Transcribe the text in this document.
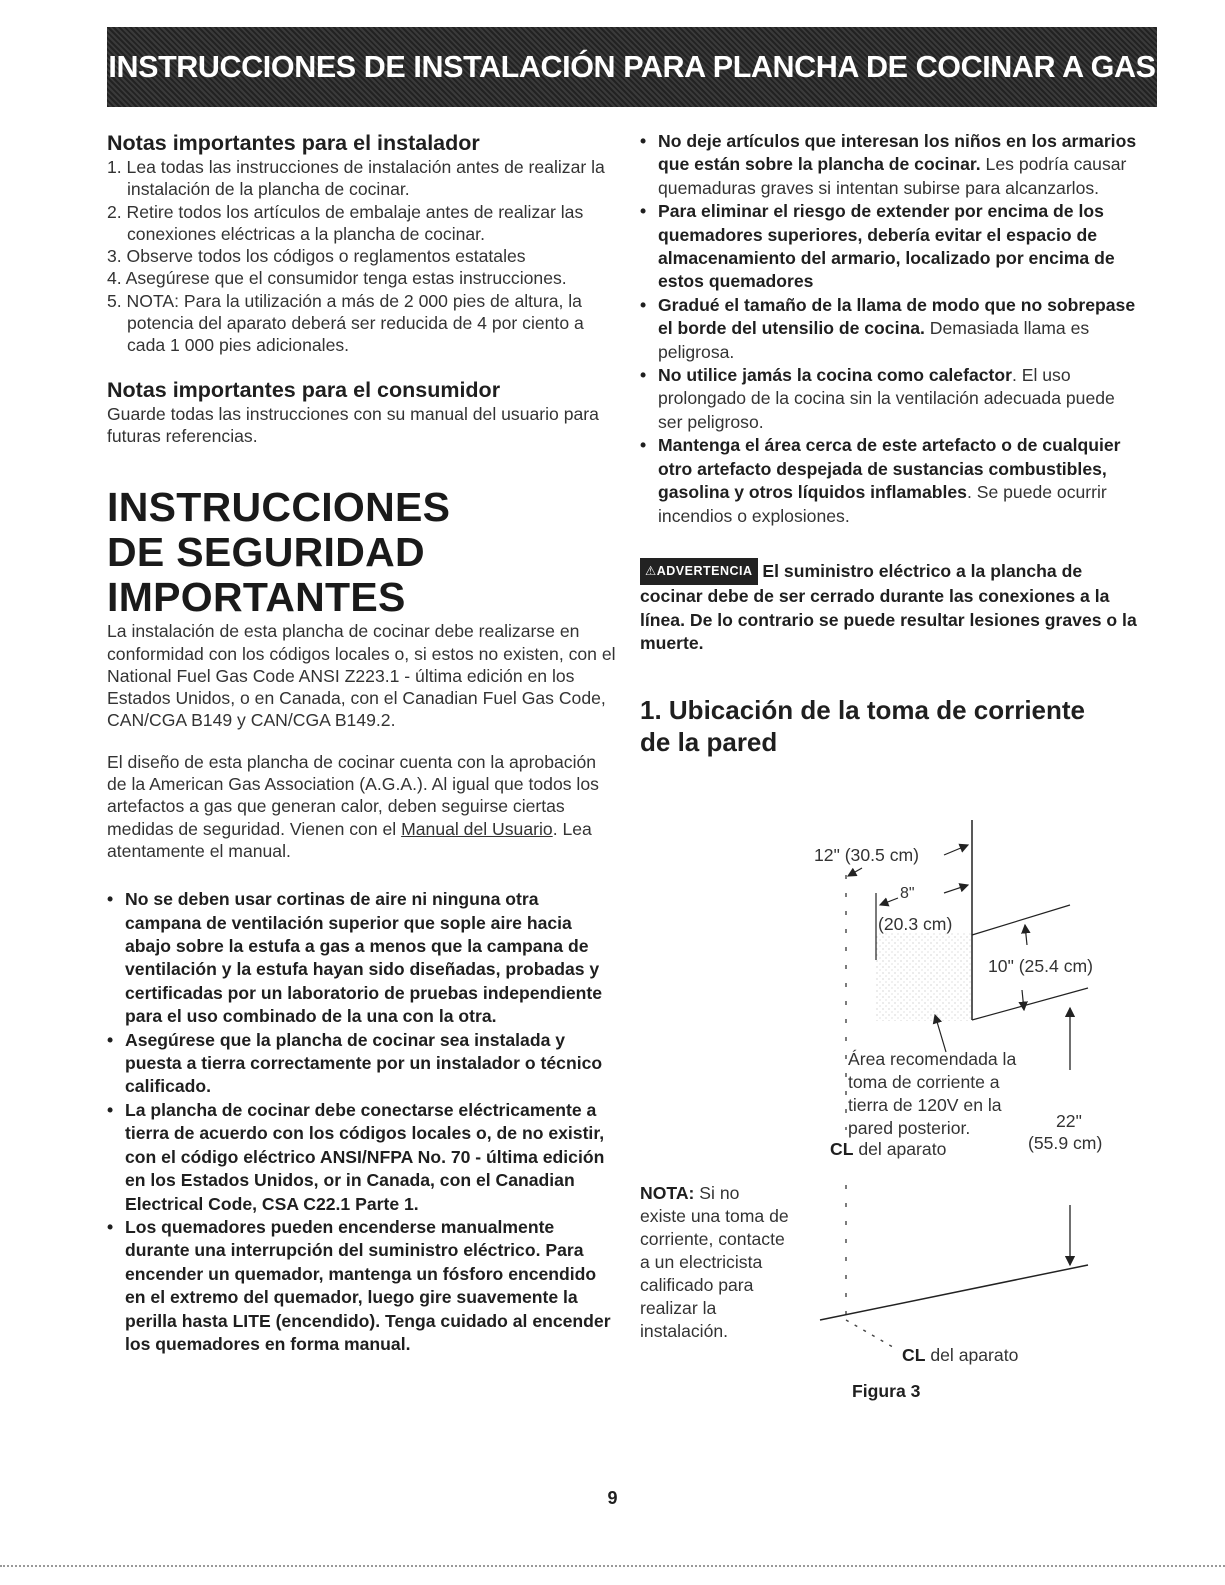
INSTRUCCIONES DE INSTALACIÓN PARA PLANCHA DE COCINAR A GAS
Notas importantes para el instalador
1. Lea todas las instrucciones de instalación antes de realizar la instalación de la plancha de cocinar.
2. Retire todos los artículos de embalaje antes de realizar las conexiones eléctricas a la plancha de cocinar.
3. Observe todos los códigos o reglamentos estatales
4. Asegúrese que el consumidor tenga estas instrucciones.
5. NOTA: Para la utilización a más de 2 000 pies de altura, la potencia del aparato deberá ser reducida de 4 por ciento a cada 1 000 pies adicionales.
Notas importantes para el consumidor

Guarde todas las instrucciones con su manual del usuario para futuras referencias.

INSTRUCCIONES
DE SEGURIDAD
IMPORTANTES

La instalación de esta plancha de cocinar debe realizarse en conformidad con los códigos locales o, si estos no existen, con el National Fuel Gas Code ANSI Z223.1 - última edición en los Estados Unidos, o en Canada, con el Canadian Fuel Gas Code, CAN/CGA B149 y CAN/CGA B149.2.

El diseño de esta plancha de cocinar cuenta con la aprobación de la American Gas Association (A.G.A.). Al igual que todos los artefactos a gas que generan calor, deben seguirse ciertas medidas de seguridad. Vienen con el Manual del Usuario. Lea atentamente el manual.

• No se deben usar cortinas de aire ni ninguna otra campana de ventilación superior que sople aire hacia abajo sobre la estufa a gas a menos que la campana de ventilación y la estufa hayan sido diseñadas, probadas y certificadas por un laboratorio de pruebas independiente para el uso combinado de la una con la otra.
• Asegúrese que la plancha de cocinar sea instalada y puesta a tierra correctamente por un instalador o técnico calificado.
• La plancha de cocinar debe conectarse eléctricamente a tierra de acuerdo con los códigos locales o, de no existir, con el código eléctrico ANSI/NFPA No. 70 - última edición en los Estados Unidos, or in Canada, con el Canadian Electrical Code, CSA C22.1 Parte 1.
• Los quemadores pueden encenderse manualmente durante una interrupción del suministro eléctrico. Para encender un quemador, mantenga un fósforo encendido en el extremo del quemador, luego gire suavemente la perilla hasta LITE (encendido). Tenga cuidado al encender los quemadores en forma manual.
• No deje artículos que interesan los niños en los armarios que están sobre la plancha de cocinar. Les podría causar quemaduras graves si intentan subirse para alcanzarlos.
• Para eliminar el riesgo de extender por encima de los quemadores superiores, debería evitar el espacio de almacenamiento del armario, localizado por encima de estos quemadores
• Gradué el tamaño de la llama de modo que no sobrepase el borde del utensilio de cocina. Demasiada llama es peligrosa.
• No utilice jamás la cocina como calefactor. El uso prolongado de la cocina sin la ventilación adecuada puede ser peligroso.
• Mantenga el área cerca de este artefacto o de cualquier otro artefacto despejada de sustancias combustibles, gasolina y otros líquidos inflamables. Se puede ocurrir incendios o explosiones.

⚠ADVERTENCIA El suministro eléctrico a la plancha de cocinar debe de ser cerrado durante las conexiones a la línea. De lo contrario se puede resultar lesiones graves o la muerte.

1. Ubicación de la toma de corriente
de la pared
12" (30.5 cm)
8"
(20.3 cm)
10" (25.4 cm)
Área recomendada la
toma de corriente a
tierra de 120V en la
pared posterior.
CL del aparato
22"
(55.9 cm)
NOTA: Si no
existe una toma de
corriente, contacte
a un electricista
calificado para
realizar la
instalación.
CL del aparato
Figura 3
9
